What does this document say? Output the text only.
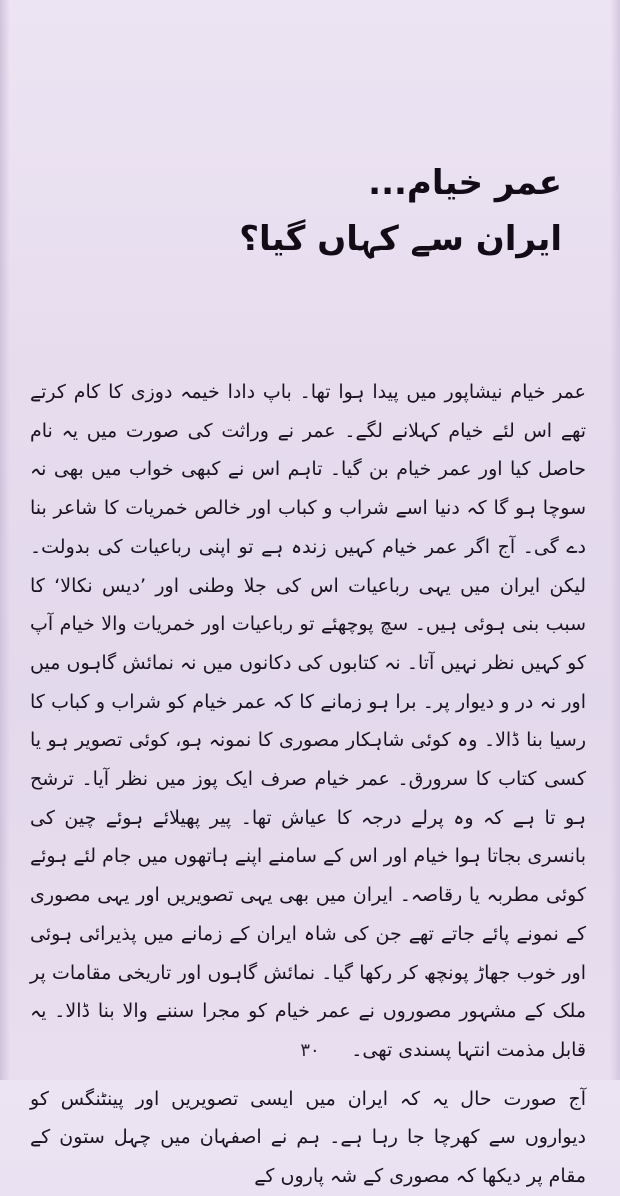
عمر خیام...
ایران سے کہاں گیا؟

عمر خیام نیشاپور میں پیدا ہوا تھا۔ باپ دادا خیمہ دوزی کا کام کرتے تھے اس لئے خیام کہلانے لگے۔ عمر نے وراثت کی صورت میں یہ نام حاصل کیا اور عمر خیام بن گیا۔ تاہم اس نے کبھی خواب میں بھی نہ سوچا ہو گا کہ دنیا اسے شراب و کباب اور خالص خمریات کا شاعر بنا دے گی۔ آج اگر عمر خیام کہیں زندہ ہے تو اپنی رباعیات کی بدولت۔ لیکن ایران میں یہی رباعیات اس کی جلا وطنی اور ’دیس نکالا‘ کا سبب بنی ہوئی ہیں۔ سچ پوچھئے تو رباعیات اور خمریات والا خیام آپ کو کہیں نظر نہیں آتا۔ نہ کتابوں کی دکانوں میں نہ نمائش گاہوں میں اور نہ در و دیوار پر۔ برا ہو زمانے کا کہ عمر خیام کو شراب و کباب کا رسیا بنا ڈالا۔ وہ کوئی شاہکار مصوری کا نمونہ ہو، کوئی تصویر ہو یا کسی کتاب کا سرورق۔ عمر خیام صرف ایک پوز میں نظر آیا۔ ترشح ہو تا ہے کہ وہ پرلے درجہ کا عیاش تھا۔ پیر پھیلائے ہوئے چین کی بانسری بجاتا ہوا خیام اور اس کے سامنے اپنے ہاتھوں میں جام لئے ہوئے کوئی مطربہ یا رقاصہ۔ ایران میں بھی یہی تصویریں اور یہی مصوری کے نمونے پائے جاتے تھے جن کی شاہ ایران کے زمانے میں پذیرائی ہوئی اور خوب جھاڑ پونچھ کر رکھا گیا۔ نمائش گاہوں اور تاریخی مقامات پر ملک کے مشہور مصوروں نے عمر خیام کو مجرا سننے والا بنا ڈالا۔ یہ قابل مذمت انتہا پسندی تھی۔

آج صورت حال یہ کہ ایران میں ایسی تصویریں اور پینٹنگس کو دیواروں سے کھرچا جا رہا ہے۔ ہم نے اصفہان میں چہل ستون کے مقام پر دیکھا کہ مصوری کے شہ پاروں کے

۳۰
